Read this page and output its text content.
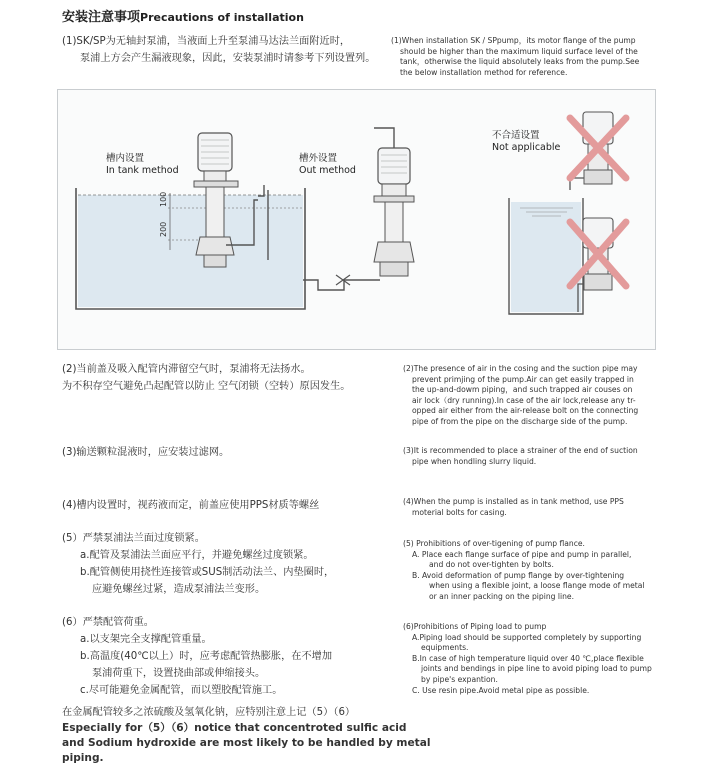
安装注意事项Precautions of installation
(1)SK/SP为无轴封泵浦，当液面上升至泵浦马达法兰面附近时，
泵浦上方会产生漏液现象，因此，安装泵浦时请参考下列设置列。
(1)When installation SK / SPpump，its motor flange of the pump
should be higher than the maximum liquid surface level of the
tank，otherwise the liquid absolutely leaks from the pump.See
the below installation method for reference.
100
200
槽内设置
In tank method
槽外设置
Out method
不合适设置
Not applicable
(2)当前盖及吸入配管内滞留空气时，泵浦将无法扬水。
为不积存空气避免凸起配管以防止 空气闭锁（空转）原因发生。
(2)The presence of air in the cosing and the suction pipe may
prevent primjing of the pump.Air can get easily trapped in
the up-and-dowm piping，and such trapped air couses on
air lock（dry running).In case of the air lock,release any tr-
opped air either from the air-release bolt on the connecting
pipe of from the pipe on the discharge side of the pump.
(3)输送颗粒混液时，应安装过滤网。	(3)It is recommended to place a strainer of the end of suction
pipe when hondling slurry liquid.
(4)槽内设置时，视药液而定，前盖应使用PPS材质等螺丝	(4)When the pump is installed as in tank method, use PPS
moterial bolts for casing.
(5）严禁泵浦法兰面过度锁紧。
a.配管及泵浦法兰面应平行，并避免螺丝过度锁紧。
b.配管侧使用挠性连接管或SUS制活动法兰、内垫圈时，
应避免螺丝过紧，造成泵浦法兰变形。
(5) Prohibitions of over-tigening of pump flance.
A. Place each flange surface of pipe and pump in parallel,
and do not over-tighten by bolts.
B. Avoid deformation of pump flange by over-tightening
when using a flexible joint, a loose flange mode of metal
or an inner packing on the piping line.
(6）严禁配管荷重。
a.以支架完全支撑配管重量。
b.高温度(40℃以上）时，应考虑配管热膨胀，在不增加
泵浦荷重下，设置挠曲部或伸缩接头。
c.尽可能避免金属配管，而以塑胶配管施工。
(6)Prohibitions of Piping load to pump
A.Piping load should be supported completely by supporting
equipments.
B.In case of high temperature liquid over 40 ℃,place flexible
joints and bendings in pipe line to avoid piping load to pump
by pipe's expantion.
C. Use resin pipe.Avoid metal pipe as possible.
在金属配管较多之浓硫酸及氢氧化钠，应特别注意上记（5）（6）
Especially for（5）（6）notice that concentroted sulfic acid
and Sodium hydroxide are most likely to be handled by metal
piping.
